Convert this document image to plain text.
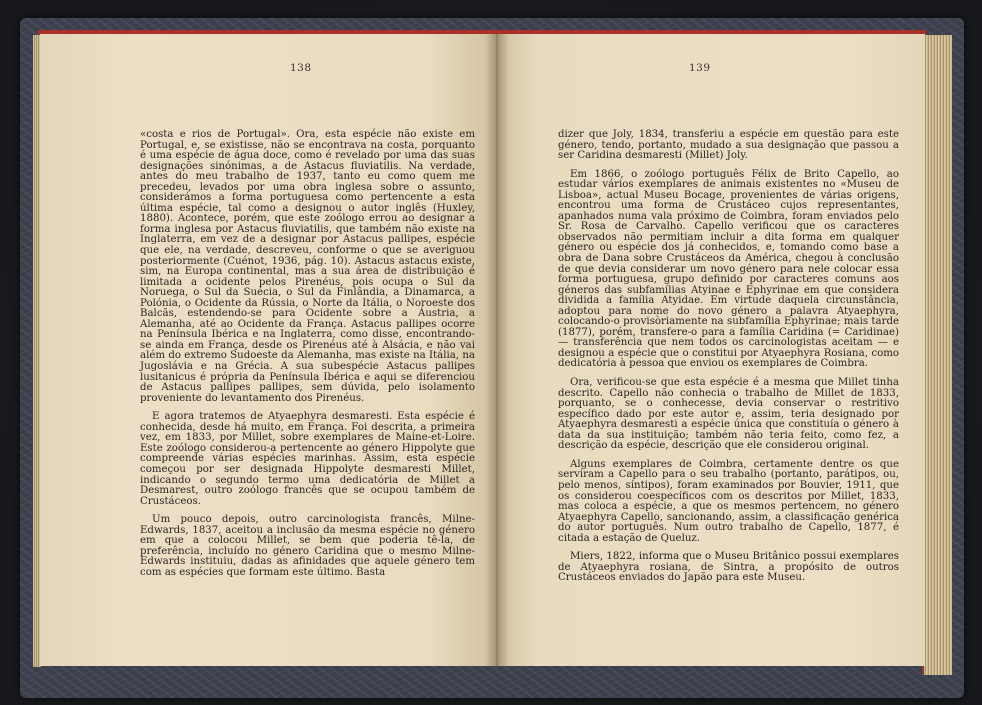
138

«costa e rios de Portugal». Ora, esta espécie não existe em Portugal, e, se existisse, não se encontrava na costa, porquanto é uma espécie de água doce, como é revelado por uma das suas designações sinónimas, a de Astacus fluviatilis. Na verdade, antes do meu trabalho de 1937, tanto eu como quem me precedeu, levados por uma obra inglesa sobre o assunto, considerámos a forma portuguesa como pertencente a esta última espécie, tal como a designou o autor inglês (Huxley, 1880). Acontece, porém, que este zoólogo errou ao designar a forma inglesa por Astacus fluviatilis, que também não existe na Inglaterra, em vez de a designar por Astacus pallipes, espécie que ele, na verdade, descreveu, conforme o que se averiguou posteriormente (Cuénot, 1936, pág. 10). Astacus astacus existe, sim, na Europa continental, mas a sua área de distribuição é limitada a ocidente pelos Pirenéus, pois ocupa o Sul da Noruega, o Sul da Suécia, o Sul da Finlândia, a Dinamarca, a Polónia, o Ocidente da Rússia, o Norte da Itália, o Noroeste dos Balcãs, estendendo-se para Ocidente sobre a Áustria, a Alemanha, até ao Ocidente da França. Astacus pallipes ocorre na Península Ibérica e na Inglaterra, como disse, encontrando-se ainda em França, desde os Pirenéus até à Alsácia, e não vai além do extremo Sudoeste da Alemanha, mas existe na Itália, na Jugoslávia e na Grécia. A sua subespécie Astacus pallipes lusitanicus é própria da Península Ibérica e aqui se diferenciou de Astacus pallipes pallipes, sem dúvida, pelo isolamento proveniente do levantamento dos Pirenéus.

E agora tratemos de Atyaephyra desmaresti. Esta espécie é conhecida, desde há muito, em França. Foi descrita, a primeira vez, em 1833, por Millet, sobre exemplares de Maine-et-Loire. Este zoólogo considerou-a pertencente ao género Hippolyte que compreende várias espécies marinhas. Assim, esta espécie começou por ser designada Hippolyte desmaresti Millet, indicando o segundo termo uma dedicatória de Millet a Desmarest, outro zoólogo francês que se ocupou também de Crustáceos.

Um pouco depois, outro carcinologista francês, Milne-Edwards, 1837, aceitou a inclusão da mesma espécie no género em que a colocou Millet, se bem que poderia tê-la, de preferência, incluído no género Caridina que o mesmo Milne-Edwards instituiu, dadas as afinidades que aquele género tem com as espécies que formam este último. Basta

139

dizer que Joly, 1834, transferiu a espécie em questão para este género, tendo, portanto, mudado a sua designação que passou a ser Caridina desmaresti (Millet) Joly.

Em 1866, o zoólogo português Félix de Brito Capello, ao estudar vários exemplares de animais existentes no «Museu de Lisboa», actual Museu Bocage, provenientes de várias origens, encontrou uma forma de Crustáceo cujos representantes, apanhados numa vala próximo de Coimbra, foram enviados pelo Sr. Rosa de Carvalho. Capello verificou que os caracteres observados não permitiam incluir a dita forma em qualquer género ou espécie dos já conhecidos, e, tomando como base a obra de Dana sobre Crustáceos da América, chegou à conclusão de que devia considerar um novo género para nele colocar essa forma portuguesa, grupo definido por caracteres comuns aos géneros das subfamílias Atyinae e Ephyrinae em que considera dividida a família Atyidae. Em virtude daquela circunstância, adoptou para nome do novo género a palavra Atyaephyra, colocando-o provisòriamente na subfamília Ephyrinae; mais tarde (1877), porém, transfere-o para a família Caridina (= Caridinae) — transferência que nem todos os carcinologistas aceitam — e designou a espécie que o constitui por Atyaephyra Rosiana, como dedicatória à pessoa que enviou os exemplares de Coimbra.

Ora, verificou-se que esta espécie é a mesma que Millet tinha descrito. Capello não conhecia o trabalho de Millet de 1833, porquanto, se o conhecesse, devia conservar o restritivo específico dado por este autor e, assim, teria designado por Atyaephyra desmaresti a espécie única que constituía o género à data da sua instituição; também não teria feito, como fez, a descrição da espécie, descrição que ele considerou original.

Alguns exemplares de Coimbra, certamente dentre os que serviram a Capello para o seu trabalho (portanto, parátipos, ou, pelo menos, síntipos), foram examinados por Bouvier, 1911, que os considerou coespecíficos com os descritos por Millet, 1833, mas coloca a espécie, a que os mesmos pertencem, no género Atyaephyra Capello, sancionando, assim, a classificação genérica do autor português. Num outro trabalho de Capello, 1877, é citada a estação de Queluz.

Miers, 1822, informa que o Museu Britânico possui exemplares de Atyaephyra rosiana, de Sintra, a propósito de outros Crustáceos enviados do Japão para este Museu.
